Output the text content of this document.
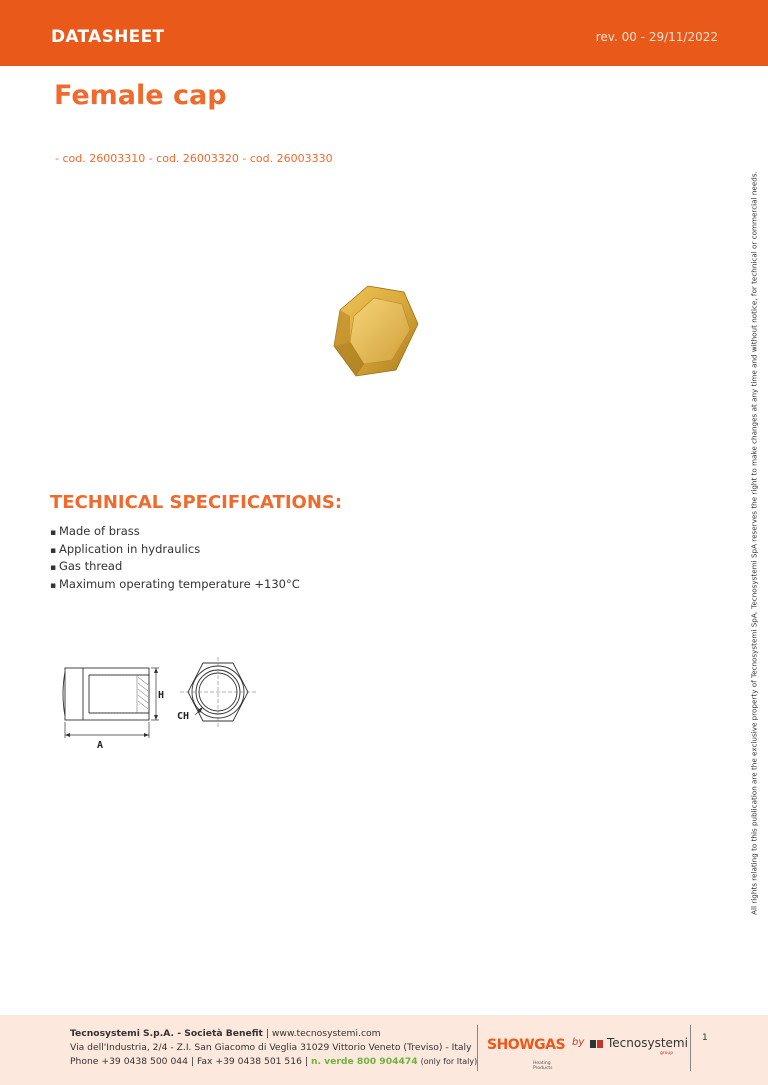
DATASHEET	rev. 00 - 29/11/2022
Female cap
- cod. 26003310 - cod. 26003320 - cod. 26003330
TECHNICAL SPECIFICATIONS:
▪ Made of brass
▪ Application in hydraulics
▪ Gas thread
▪ Maximum operating temperature +130°C
H
A
CH	All rights relating to this publication are the exclusive property of Tecnosystemi SpA. Tecnosystemi SpA reserves the right to make changes at any time and without notice, for technical or commercial needs.
Tecnosystemi S.p.A. - Società Benefit | www.tecnosystemi.com
Via dell'Industria, 2/4 - Z.I. San Giacomo di Veglia 31029 Vittorio Veneto (Treviso) - Italy
Phone +39 0438 500 044 | Fax +39 0438 501 516 | n. verde 800 904474 (only for Italy)
SHOWGAS
Heating Products
by Tecnosystemi
group
1
